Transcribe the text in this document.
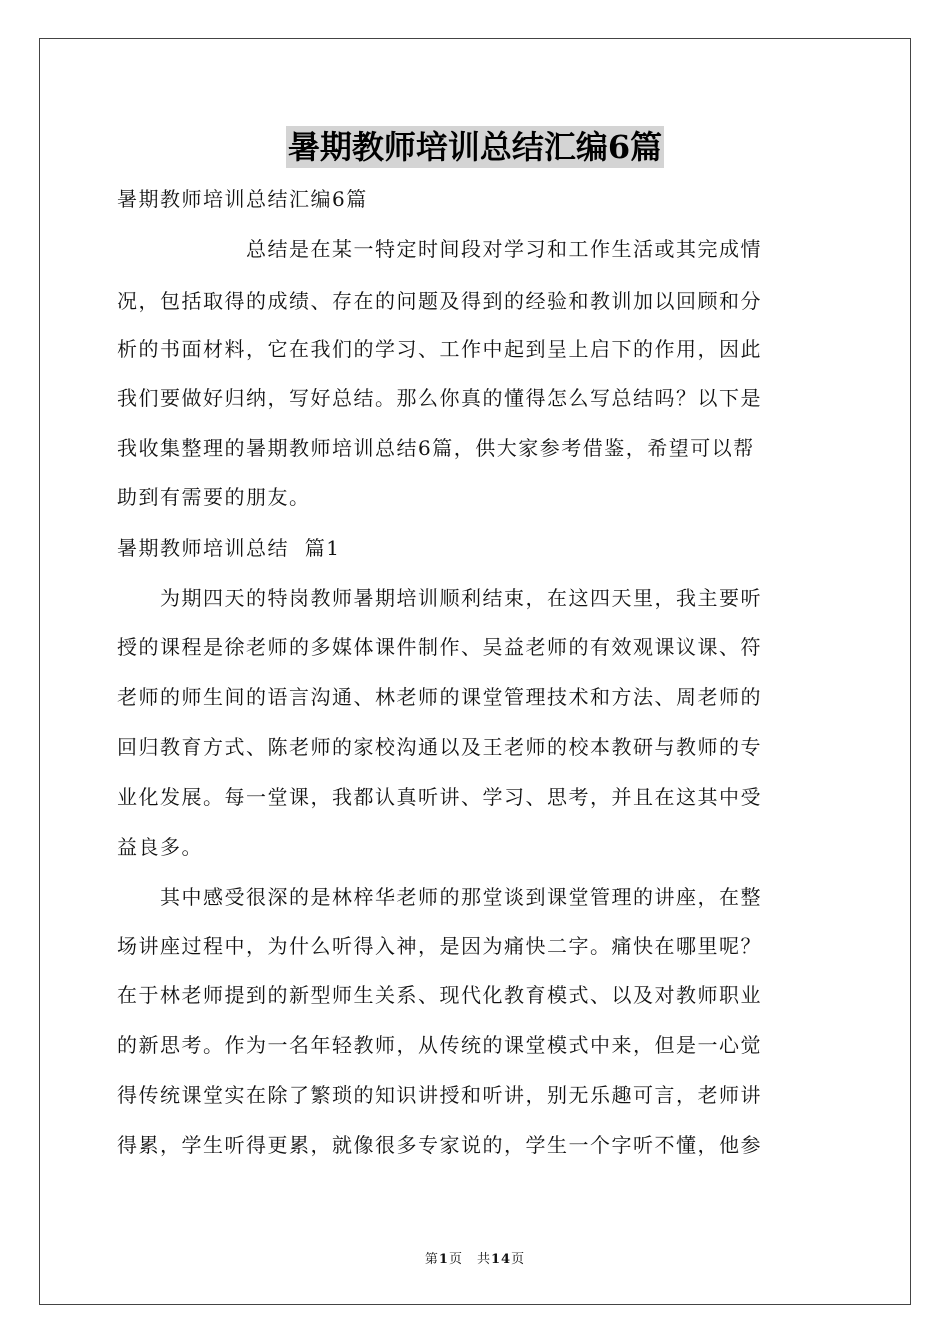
暑期教师培训总结汇编6篇
暑期教师培训总结汇编6篇
　　　　　　总结是在某一特定时间段对学习和工作生活或其完成情
况，包括取得的成绩、存在的问题及得到的经验和教训加以回顾和分
析的书面材料，它在我们的学习、工作中起到呈上启下的作用，因此
我们要做好归纳，写好总结。那么你真的懂得怎么写总结吗？以下是
我收集整理的暑期教师培训总结6篇，供大家参考借鉴，希望可以帮
助到有需要的朋友。
暑期教师培训总结  篇1
　　为期四天的特岗教师暑期培训顺利结束，在这四天里，我主要听
授的课程是徐老师的多媒体课件制作、吴益老师的有效观课议课、符
老师的师生间的语言沟通、林老师的课堂管理技术和方法、周老师的
回归教育方式、陈老师的家校沟通以及王老师的校本教研与教师的专
业化发展。每一堂课，我都认真听讲、学习、思考，并且在这其中受
益良多。
　　其中感受很深的是林梓华老师的那堂谈到课堂管理的讲座，在整
场讲座过程中，为什么听得入神，是因为痛快二字。痛快在哪里呢？
在于林老师提到的新型师生关系、现代化教育模式、以及对教师职业
的新思考。作为一名年轻教师，从传统的课堂模式中来，但是一心觉
得传统课堂实在除了繁琐的知识讲授和听讲，别无乐趣可言，老师讲
得累，学生听得更累，就像很多专家说的，学生一个字听不懂，他参
第1页　共14页
